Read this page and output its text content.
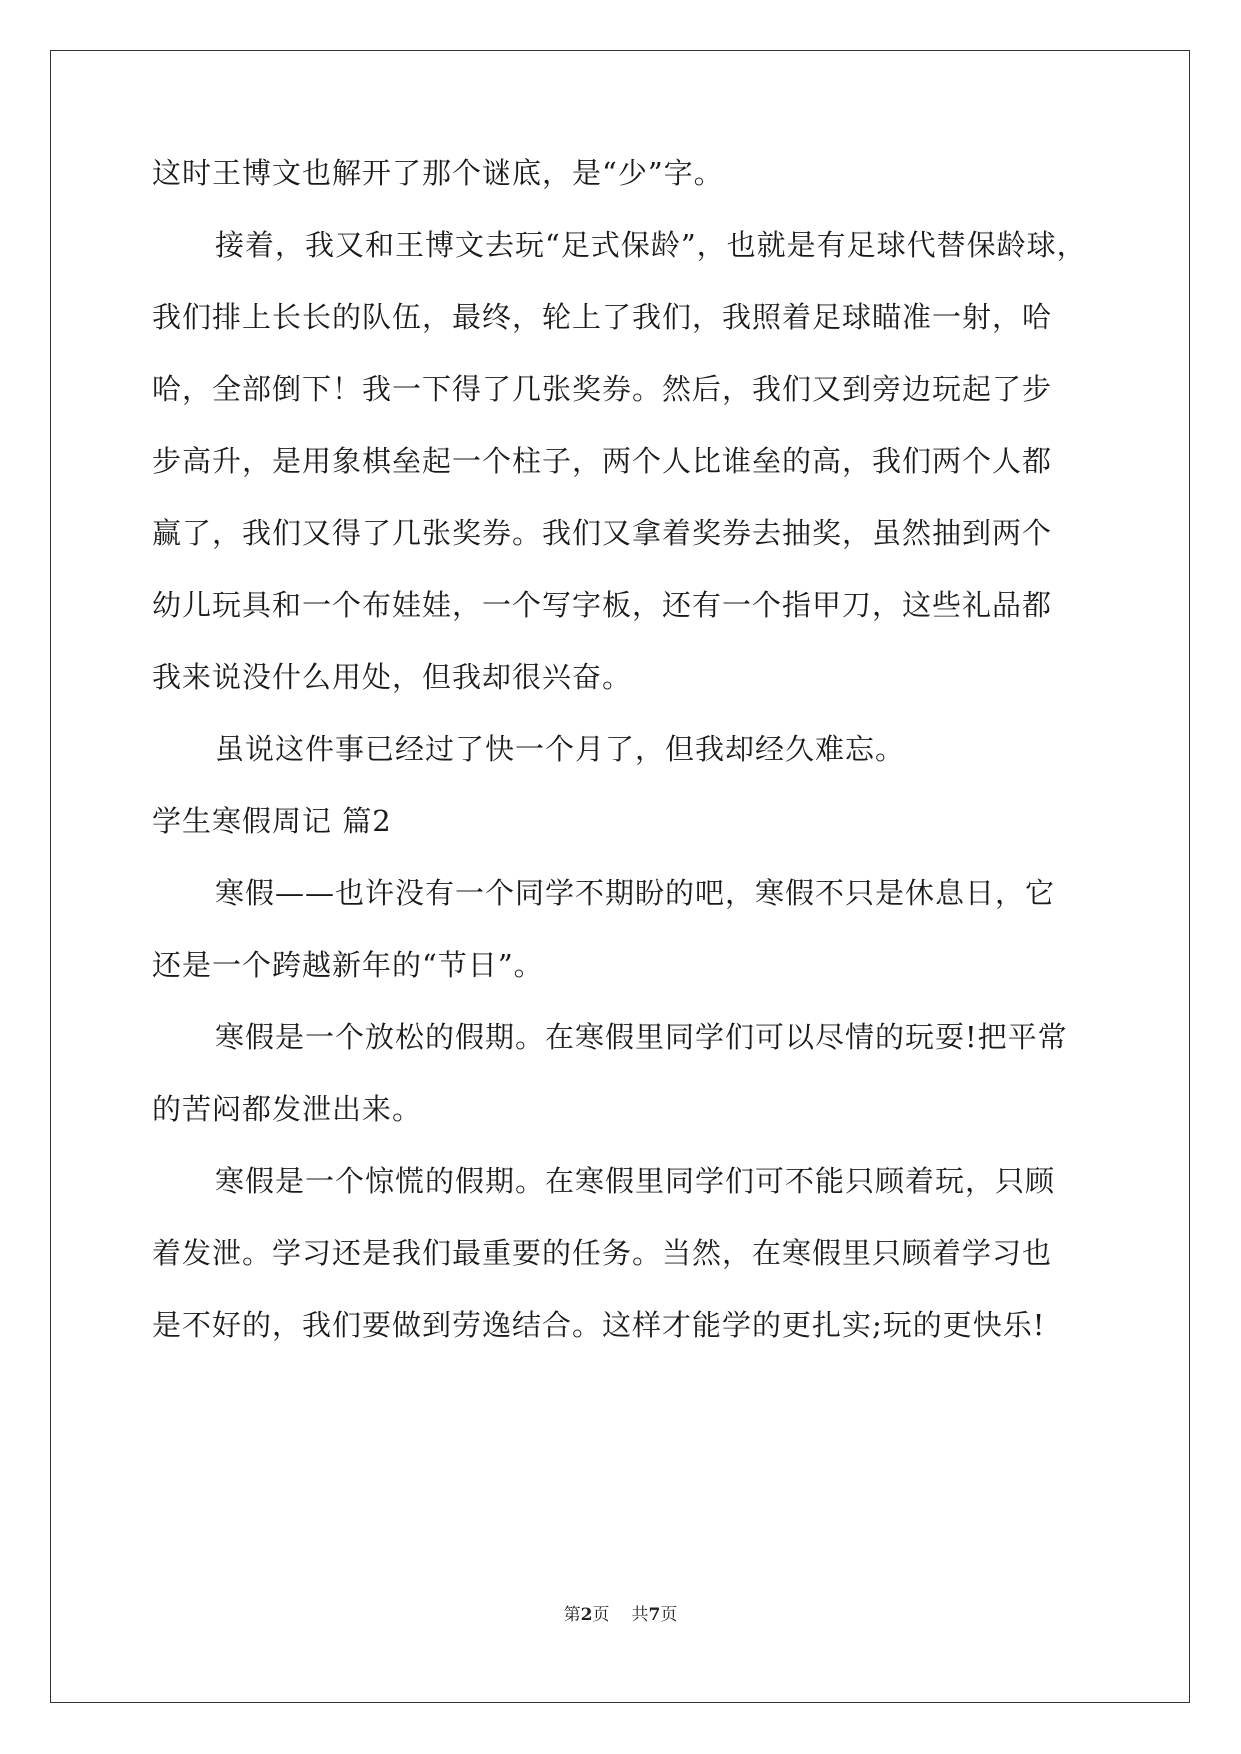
这时王博文也解开了那个谜底，是“少”字。
接着，我又和王博文去玩“足式保龄”，也就是有足球代替保龄球，
我们排上长长的队伍，最终，轮上了我们，我照着足球瞄准一射，哈
哈，全部倒下！我一下得了几张奖券。然后，我们又到旁边玩起了步
步高升，是用象棋垒起一个柱子，两个人比谁垒的高，我们两个人都
赢了，我们又得了几张奖券。我们又拿着奖券去抽奖，虽然抽到两个
幼儿玩具和一个布娃娃，一个写字板，还有一个指甲刀，这些礼品都
我来说没什么用处，但我却很兴奋。
虽说这件事已经过了快一个月了，但我却经久难忘。
学生寒假周记 篇2
寒假——也许没有一个同学不期盼的吧，寒假不只是休息日，它
还是一个跨越新年的“节日”。
寒假是一个放松的假期。在寒假里同学们可以尽情的玩耍!把平常
的苦闷都发泄出来。
寒假是一个惊慌的假期。在寒假里同学们可不能只顾着玩，只顾
着发泄。学习还是我们最重要的任务。当然，在寒假里只顾着学习也
是不好的，我们要做到劳逸结合。这样才能学的更扎实;玩的更快乐!
第2页 共7页
